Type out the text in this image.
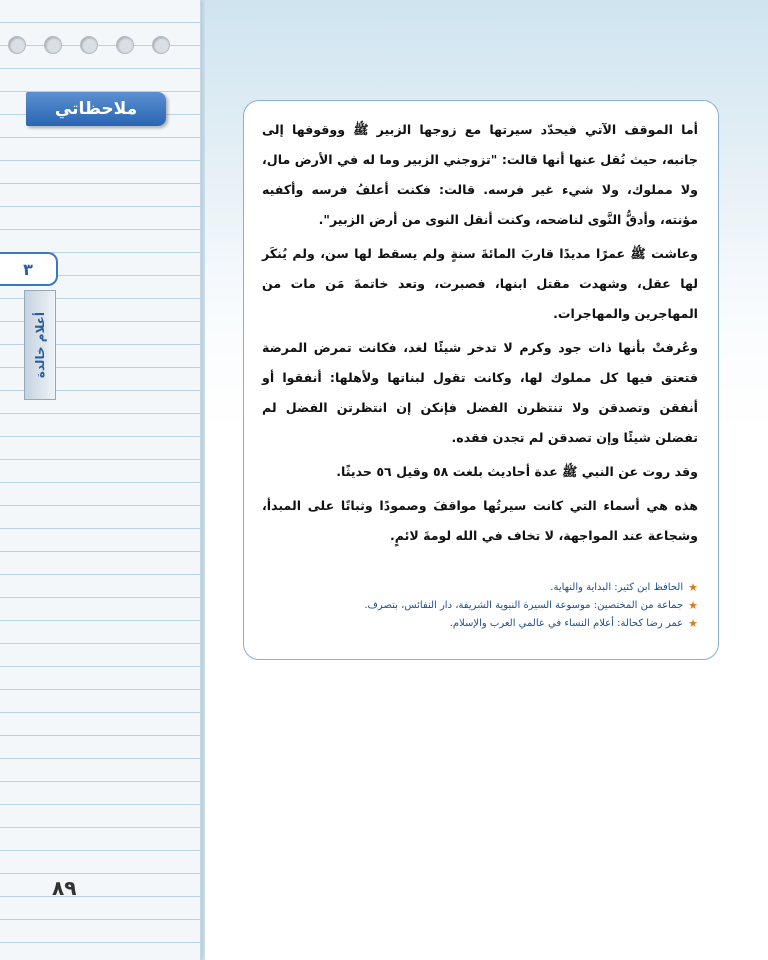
ملاحظاتي
٣
أعلام خالدة
٨٩

أما الموقف الآتي فيحدّد سيرتها مع زوجها الزبير ﷺ ووقوفها إلى جانبه، حيث نُقل عنها أنها قالت: "تزوجني الزبير وما له في الأرض مال، ولا مملوك، ولا شيء غير فرسه. قالت: فكنت أعلفُ فرسه وأكفيه مؤنته، وأدقُّ النَّوى لناضحه، وكنت أنقل النوى من أرض الزبير".

وعاشت ﷺ عمرًا مديدًا قاربَ المائةَ سنةٍ ولم يسقط لها سن، ولم يُنكَر لها عقل، وشهدت مقتل ابنها، فصبرت، وتعد خاتمةَ مَن مات من المهاجرين والمهاجرات.

وعُرفتْ بأنها ذات جود وكرم لا تدخر شيئًا لغد، فكانت تمرض المرضة فتعتق فيها كل مملوك لها، وكانت تقول لبناتها ولأهلها: أنفقوا أو أنفقن وتصدقن ولا تنتظرن الفضل فإنكن إن انتظرتن الفضل لم تفضلن شيئًا وإن تصدقن لم تجدن فقده.

وقد روت عن النبي ﷺ عدة أحاديث بلغت ٥٨ وقيل ٥٦ حديثًا.

هذه هي أسماء التي كانت سيرتُها مواقفَ وصمودًا وثباتًا على المبدأ، وشجاعة عند المواجهة، لا تخاف في الله لومةَ لائمٍ.

★
الحافظ ابن كثير: البداية والنهاية.

★
جماعة من المختصين: موسوعة السيرة النبوية الشريفة، دار النفائس، بتصرف.

★
عمر رضا كحالة: أعلام النساء في عالمي العرب والإسلام.
